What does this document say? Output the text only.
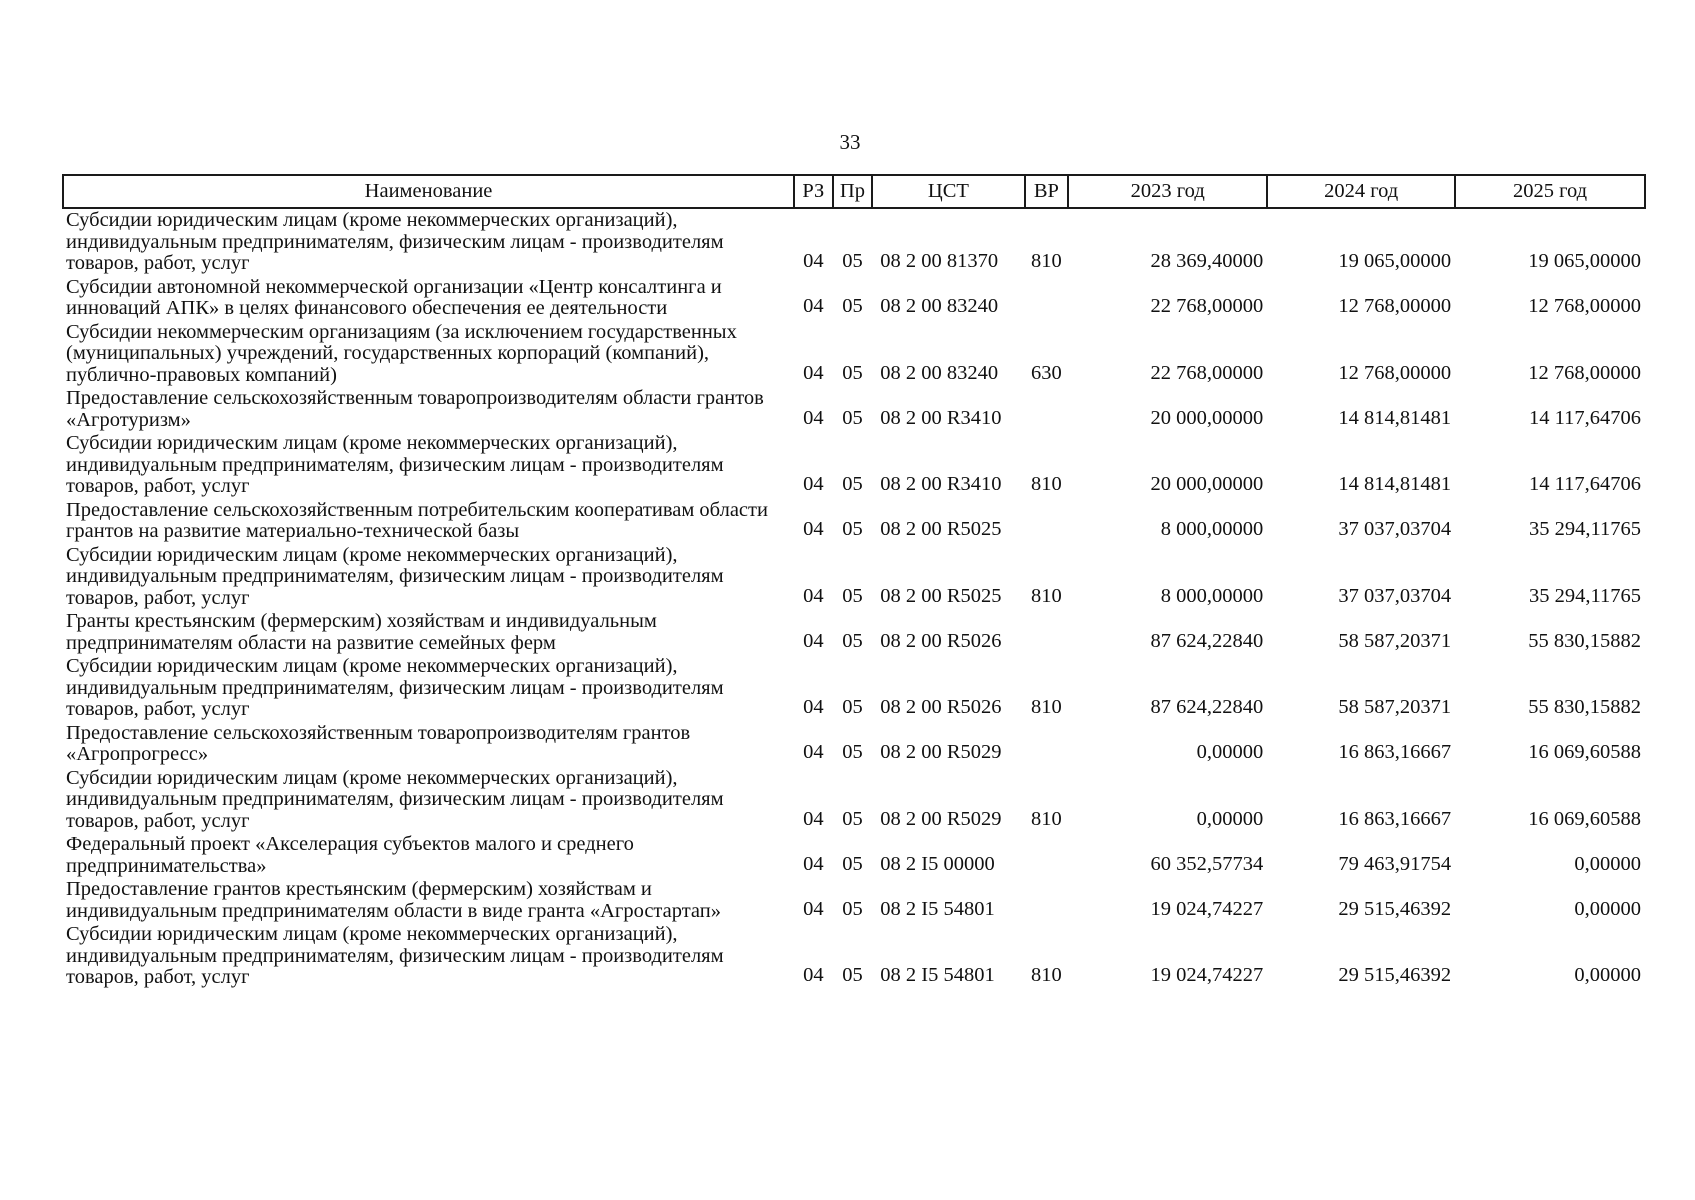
33
Наименование	РЗ	Пр	ЦСТ	ВР	2023 год	2024 год	2025 год
Субсидии юридическим лицам (кроме некоммерческих организаций), индивидуальным предпринимателям, физическим лицам - производителям товаров, работ, услуг	04	05	08 2 00 81370	810	28 369,40000	19 065,00000	19 065,00000
Субсидии автономной некоммерческой организации «Центр консалтинга и инноваций АПК» в целях финансового обеспечения ее деятельности	04	05	08 2 00 83240		22 768,00000	12 768,00000	12 768,00000
Субсидии некоммерческим организациям (за исключением государственных (муниципальных) учреждений, государственных корпораций (компаний), публично-правовых компаний)	04	05	08 2 00 83240	630	22 768,00000	12 768,00000	12 768,00000
Предоставление сельскохозяйственным товаропроизводителям области грантов «Агротуризм»	04	05	08 2 00 R3410		20 000,00000	14 814,81481	14 117,64706
Субсидии юридическим лицам (кроме некоммерческих организаций), индивидуальным предпринимателям, физическим лицам - производителям товаров, работ, услуг	04	05	08 2 00 R3410	810	20 000,00000	14 814,81481	14 117,64706
Предоставление сельскохозяйственным потребительским кооперативам области грантов на развитие материально-технической базы	04	05	08 2 00 R5025		8 000,00000	37 037,03704	35 294,11765
Субсидии юридическим лицам (кроме некоммерческих организаций), индивидуальным предпринимателям, физическим лицам - производителям товаров, работ, услуг	04	05	08 2 00 R5025	810	8 000,00000	37 037,03704	35 294,11765
Гранты крестьянским (фермерским) хозяйствам и индивидуальным предпринимателям области на развитие семейных ферм	04	05	08 2 00 R5026		87 624,22840	58 587,20371	55 830,15882
Субсидии юридическим лицам (кроме некоммерческих организаций), индивидуальным предпринимателям, физическим лицам - производителям товаров, работ, услуг	04	05	08 2 00 R5026	810	87 624,22840	58 587,20371	55 830,15882
Предоставление сельскохозяйственным товаропроизводителям грантов «Агропрогресс»	04	05	08 2 00 R5029		0,00000	16 863,16667	16 069,60588
Субсидии юридическим лицам (кроме некоммерческих организаций), индивидуальным предпринимателям, физическим лицам - производителям товаров, работ, услуг	04	05	08 2 00 R5029	810	0,00000	16 863,16667	16 069,60588
Федеральный проект «Акселерация субъектов малого и среднего предпринимательства»	04	05	08 2 I5 00000		60 352,57734	79 463,91754	0,00000
Предоставление грантов крестьянским (фермерским) хозяйствам и индивидуальным предпринимателям области в виде гранта «Агростартап»	04	05	08 2 I5 54801		19 024,74227	29 515,46392	0,00000
Субсидии юридическим лицам (кроме некоммерческих организаций), индивидуальным предпринимателям, физическим лицам - производителям товаров, работ, услуг	04	05	08 2 I5 54801	810	19 024,74227	29 515,46392	0,00000
